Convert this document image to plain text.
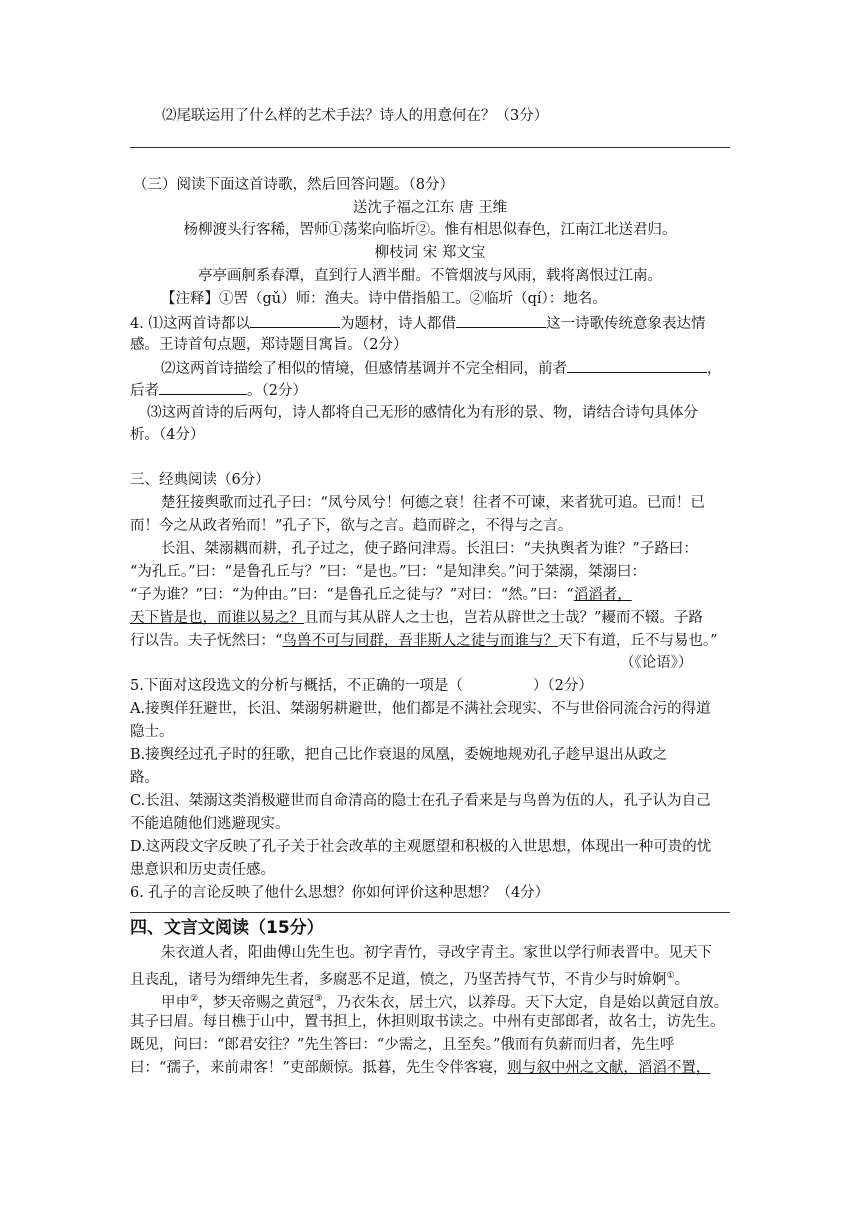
⑵尾联运用了什么样的艺术手法？诗人的用意何在？（3分）
（三）阅读下面这首诗歌，然后回答问题。（8分）
送沈子福之江东 唐 王维
杨柳渡头行客稀，罟师①荡桨向临圻②。惟有相思似春色，江南江北送君归。
柳枝词 宋 郑文宝
亭亭画舸系春潭，直到行人酒半酣。不管烟波与风雨，载将离恨过江南。
【注释】①罟（gǔ）师：渔夫。诗中借指船工。②临圻（qí）：地名。
4. ⑴这两首诗都以	为题材，诗人都借	这一诗歌传统意象表达情
感。王诗首句点题，郑诗题目寓旨。（2分）
⑵这两首诗描绘了相似的情境，但感情基调并不完全相同，前者	，
后者	。（2分）
⑶这两首诗的后两句，诗人都将自己无形的感情化为有形的景、物，请结合诗句具体分
析。（4分）
三、经典阅读（6分）
楚狂接舆歌而过孔子曰：“凤兮凤兮！何德之衰！往者不可谏，来者犹可追。已而！已
而！今之从政者殆而！”孔子下，欲与之言。趋而辟之，不得与之言。
长沮、桀溺耦而耕，孔子过之，使子路问津焉。长沮曰：“夫执舆者为谁？”子路曰：
“为孔丘。”曰：“是鲁孔丘与？”曰：“是也。”曰：“是知津矣。”问于桀溺，桀溺曰：
“子为谁？”曰：“为仲由。”曰：“是鲁孔丘之徒与？”对曰：“然。”曰：“滔滔者，
天下皆是也，而谁以易之？且而与其从辟人之士也，岂若从辟世之士哉？”耰而不辍。子路
行以告。夫子怃然曰：“鸟兽不可与同群，吾非斯人之徒与而谁与？天下有道，丘不与易也。”
（《论语》）
5.下面对这段选文的分析与概括，不正确的一项是（	）（2分）
A.接舆佯狂避世，长沮、桀溺躬耕避世，他们都是不满社会现实、不与世俗同流合污的得道
隐士。
B.接舆经过孔子时的狂歌，把自己比作衰退的凤凰，委婉地规劝孔子趁早退出从政之
路。
C.长沮、桀溺这类消极避世而自命清高的隐士在孔子看来是与鸟兽为伍的人，孔子认为自己
不能追随他们逃避现实。
D.这两段文字反映了孔子关于社会改革的主观愿望和积极的入世思想，体现出一种可贵的忧
患意识和历史责任感。
6. 孔子的言论反映了他什么思想？你如何评价这种思想？（4分）
四、文言文阅读（15分）
朱衣道人者，阳曲傅山先生也。初字青竹，寻改字青主。家世以学行师表晋中。见天下
且丧乱，诸号为缙绅先生者，多腐恶不足道，愤之，乃坚苦持气节，不肯少与时媕婀①。
甲申②，梦天帝赐之黄冠③，乃衣朱衣，居土穴，以养母。天下大定，自是始以黄冠自放。
其子曰眉。每日樵于山中，置书担上，休担则取书读之。中州有吏部郎者，故名士，访先生。
既见，问曰：“郎君安往？”先生答曰：“少需之，且至矣。”俄而有负薪而归者，先生呼
曰：“孺子，来前肃客！”吏部颇惊。抵暮，先生令伴客寝，则与叙中州之文献，滔滔不置，
